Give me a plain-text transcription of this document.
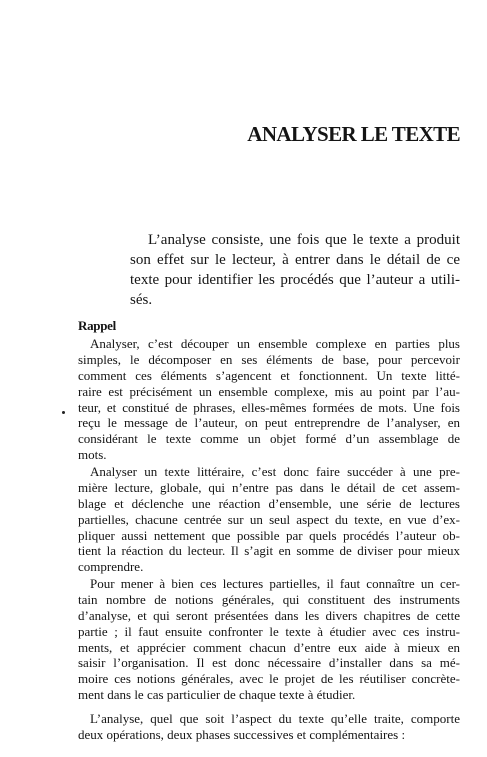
ANALYSER LE TEXTE

L’analyse consiste, une fois que le texte a produit
son effet sur le lecteur, à entrer dans le détail de ce
texte pour identifier les procédés que l’auteur a utili-
sés.

Rappel

Analyser, c’est découper un ensemble complexe en parties plus
simples, le décomposer en ses éléments de base, pour percevoir
comment ces éléments s’agencent et fonctionnent. Un texte litté-
raire est précisément un ensemble complexe, mis au point par l’au-
teur, et constitué de phrases, elles-mêmes formées de mots. Une fois
reçu le message de l’auteur, on peut entreprendre de l’analyser, en
considérant le texte comme un objet formé d’un assemblage de
mots.

Analyser un texte littéraire, c’est donc faire succéder à une pre-
mière lecture, globale, qui n’entre pas dans le détail de cet assem-
blage et déclenche une réaction d’ensemble, une série de lectures
partielles, chacune centrée sur un seul aspect du texte, en vue d’ex-
pliquer aussi nettement que possible par quels procédés l’auteur ob-
tient la réaction du lecteur. Il s’agit en somme de diviser pour mieux
comprendre.

Pour mener à bien ces lectures partielles, il faut connaître un cer-
tain nombre de notions générales, qui constituent des instruments
d’analyse, et qui seront présentées dans les divers chapitres de cette
partie ; il faut ensuite confronter le texte à étudier avec ces instru-
ments, et apprécier comment chacun d’entre eux aide à mieux en
saisir l’organisation. Il est donc nécessaire d’installer dans sa mé-
moire ces notions générales, avec le projet de les réutiliser concrète-
ment dans le cas particulier de chaque texte à étudier.

L’analyse, quel que soit l’aspect du texte qu’elle traite, comporte
deux opérations, deux phases successives et complémentaires :
